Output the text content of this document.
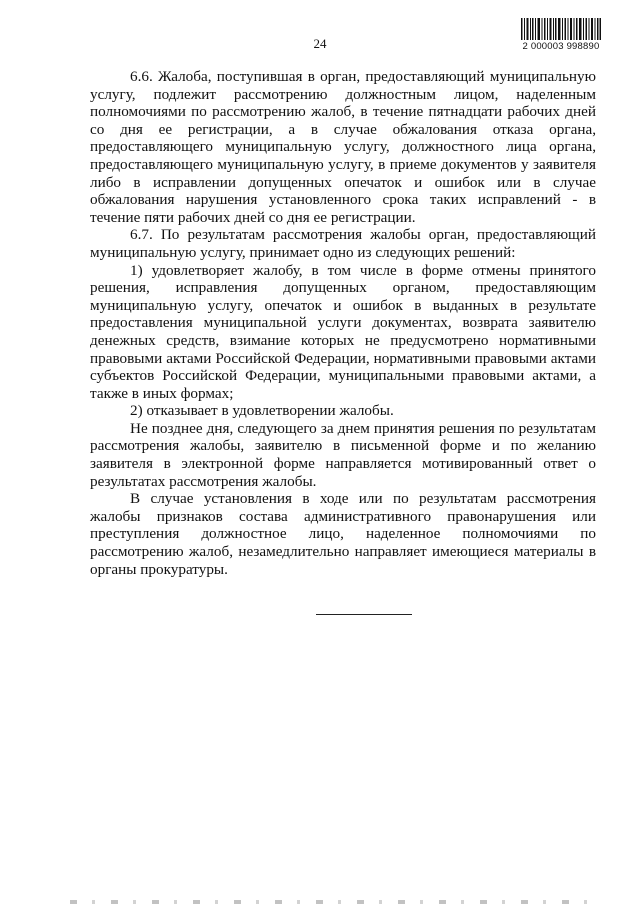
24	2 000003 998890

6.6. Жалоба, поступившая в орган, предоставляющий муниципальную услугу, подлежит рассмотрению должностным лицом, наделенным полномочиями по рассмотрению жалоб, в течение пятнадцати рабочих дней со дня ее регистрации, а в случае обжалования отказа органа, предоставляющего муниципальную услугу, должностного лица органа, предоставляющего муниципальную услугу, в приеме документов у заявителя либо в исправлении допущенных опечаток и ошибок или в случае обжалования нарушения установленного срока таких исправлений - в течение пяти рабочих дней со дня ее регистрации.

6.7. По результатам рассмотрения жалобы орган, предоставляющий муниципальную услугу, принимает одно из следующих решений:

1) удовлетворяет жалобу, в том числе в форме отмены принятого решения, исправления допущенных органом, предоставляющим муниципальную услугу, опечаток и ошибок в выданных в результате предоставления муниципальной услуги документах, возврата заявителю денежных средств, взимание которых не предусмотрено нормативными правовыми актами Российской Федерации, нормативными правовыми актами субъектов Российской Федерации, муниципальными правовыми актами, а также в иных формах;

2) отказывает в удовлетворении жалобы.

Не позднее дня, следующего за днем принятия решения по результатам рассмотрения жалобы, заявителю в письменной форме и по желанию заявителя в электронной форме направляется мотивированный ответ о результатах рассмотрения жалобы.

В случае установления в ходе или по результатам рассмотрения жалобы признаков состава административного правонарушения или преступления должностное лицо, наделенное полномочиями по рассмотрению жалоб, незамедлительно направляет имеющиеся материалы в органы прокуратуры.
